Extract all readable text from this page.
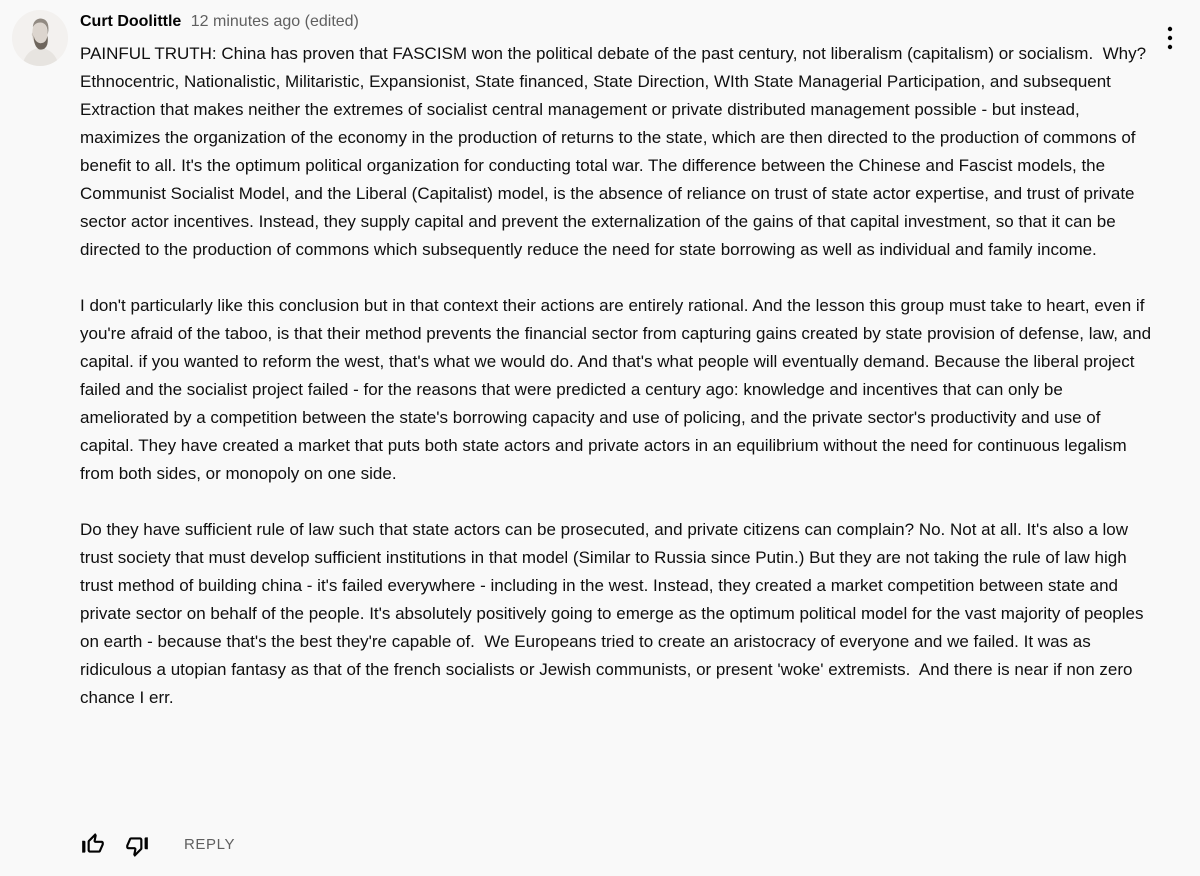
Curt Doolittle 12 minutes ago (edited)

PAINFUL TRUTH: China has proven that FASCISM won the political debate of the past century, not liberalism (capitalism) or socialism.  Why? Ethnocentric, Nationalistic, Militaristic, Expansionist, State financed, State Direction, WIth State Managerial Participation, and subsequent Extraction that makes neither the extremes of socialist central management or private distributed management possible - but instead, maximizes the organization of the economy in the production of returns to the state, which are then directed to the production of commons of benefit to all. It's the optimum political organization for conducting total war. The difference between the Chinese and Fascist models, the Communist Socialist Model, and the Liberal (Capitalist) model, is the absence of reliance on trust of state actor expertise, and trust of private sector actor incentives. Instead, they supply capital and prevent the externalization of the gains of that capital investment, so that it can be directed to the production of commons which subsequently reduce the need for state borrowing as well as individual and family income.

I don't particularly like this conclusion but in that context their actions are entirely rational. And the lesson this group must take to heart, even if you're afraid of the taboo, is that their method prevents the financial sector from capturing gains created by state provision of defense, law, and capital. if you wanted to reform the west, that's what we would do. And that's what people will eventually demand. Because the liberal project failed and the socialist project failed - for the reasons that were predicted a century ago: knowledge and incentives that can only be ameliorated by a competition between the state's borrowing capacity and use of policing, and the private sector's productivity and use of capital. They have created a market that puts both state actors and private actors in an equilibrium without the need for continuous legalism from both sides, or monopoly on one side.

Do they have sufficient rule of law such that state actors can be prosecuted, and private citizens can complain? No. Not at all. It's also a low trust society that must develop sufficient institutions in that model (Similar to Russia since Putin.) But they are not taking the rule of law high trust method of building china - it's failed everywhere - including in the west. Instead, they created a market competition between state and private sector on behalf of the people. It's absolutely positively going to emerge as the optimum political model for the vast majority of peoples on earth - because that's the best they're capable of.  We Europeans tried to create an aristocracy of everyone and we failed. It was as ridiculous a utopian fantasy as that of the french socialists or Jewish communists, or present 'woke' extremists.  And there is near if non zero chance I err.

REPLY
